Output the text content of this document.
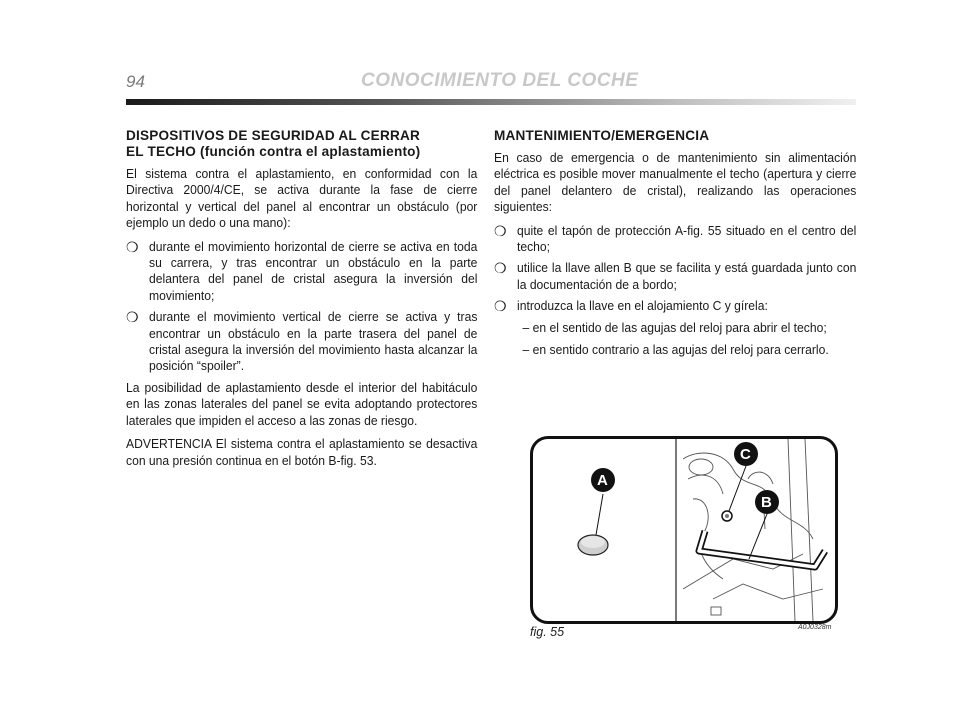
94	CONOCIMIENTO DEL COCHE
DISPOSITIVOS DE SEGURIDAD AL CERRAR
EL TECHO (función contra el aplastamiento)

El sistema contra el aplastamiento, en conformidad con la Directiva 2000/4/CE, se activa durante la fase de cierre horizontal y vertical del panel al encontrar un obstáculo (por ejemplo un dedo o una mano):

❍ durante el movimiento horizontal de cierre se activa en toda su carrera, y tras encontrar un obstáculo en la parte delantera del panel de cristal asegura la inversión del movimiento;
❍ durante el movimiento vertical de cierre se activa y tras encontrar un obstáculo en la parte trasera del panel de cristal asegura la inversión del movimiento hasta alcanzar la posición “spoiler”.

La posibilidad de aplastamiento desde el interior del habitáculo en las zonas laterales del panel se evita adoptando protectores laterales que impiden el acceso a las zonas de riesgo.

ADVERTENCIA El sistema contra el aplastamiento se desactiva con una presión continua en el botón B-fig. 53.

MANTENIMIENTO/EMERGENCIA

En caso de emergencia o de mantenimiento sin alimentación eléctrica es posible mover manualmente el techo (apertura y cierre del panel delantero de cristal), realizando las operaciones siguientes:

❍ quite el tapón de protección A-fig. 55 situado en el centro del techo;
❍ utilice la llave allen B que se facilita y está guardada junto con la documentación de a bordo;
❍ introduzca la llave en el alojamiento C y gírela:
– en el sentido de las agujas del reloj para abrir el techo;
– en sentido contrario a las agujas del reloj para cerrarlo.
A
C
B
fig. 55	A0J0328m
